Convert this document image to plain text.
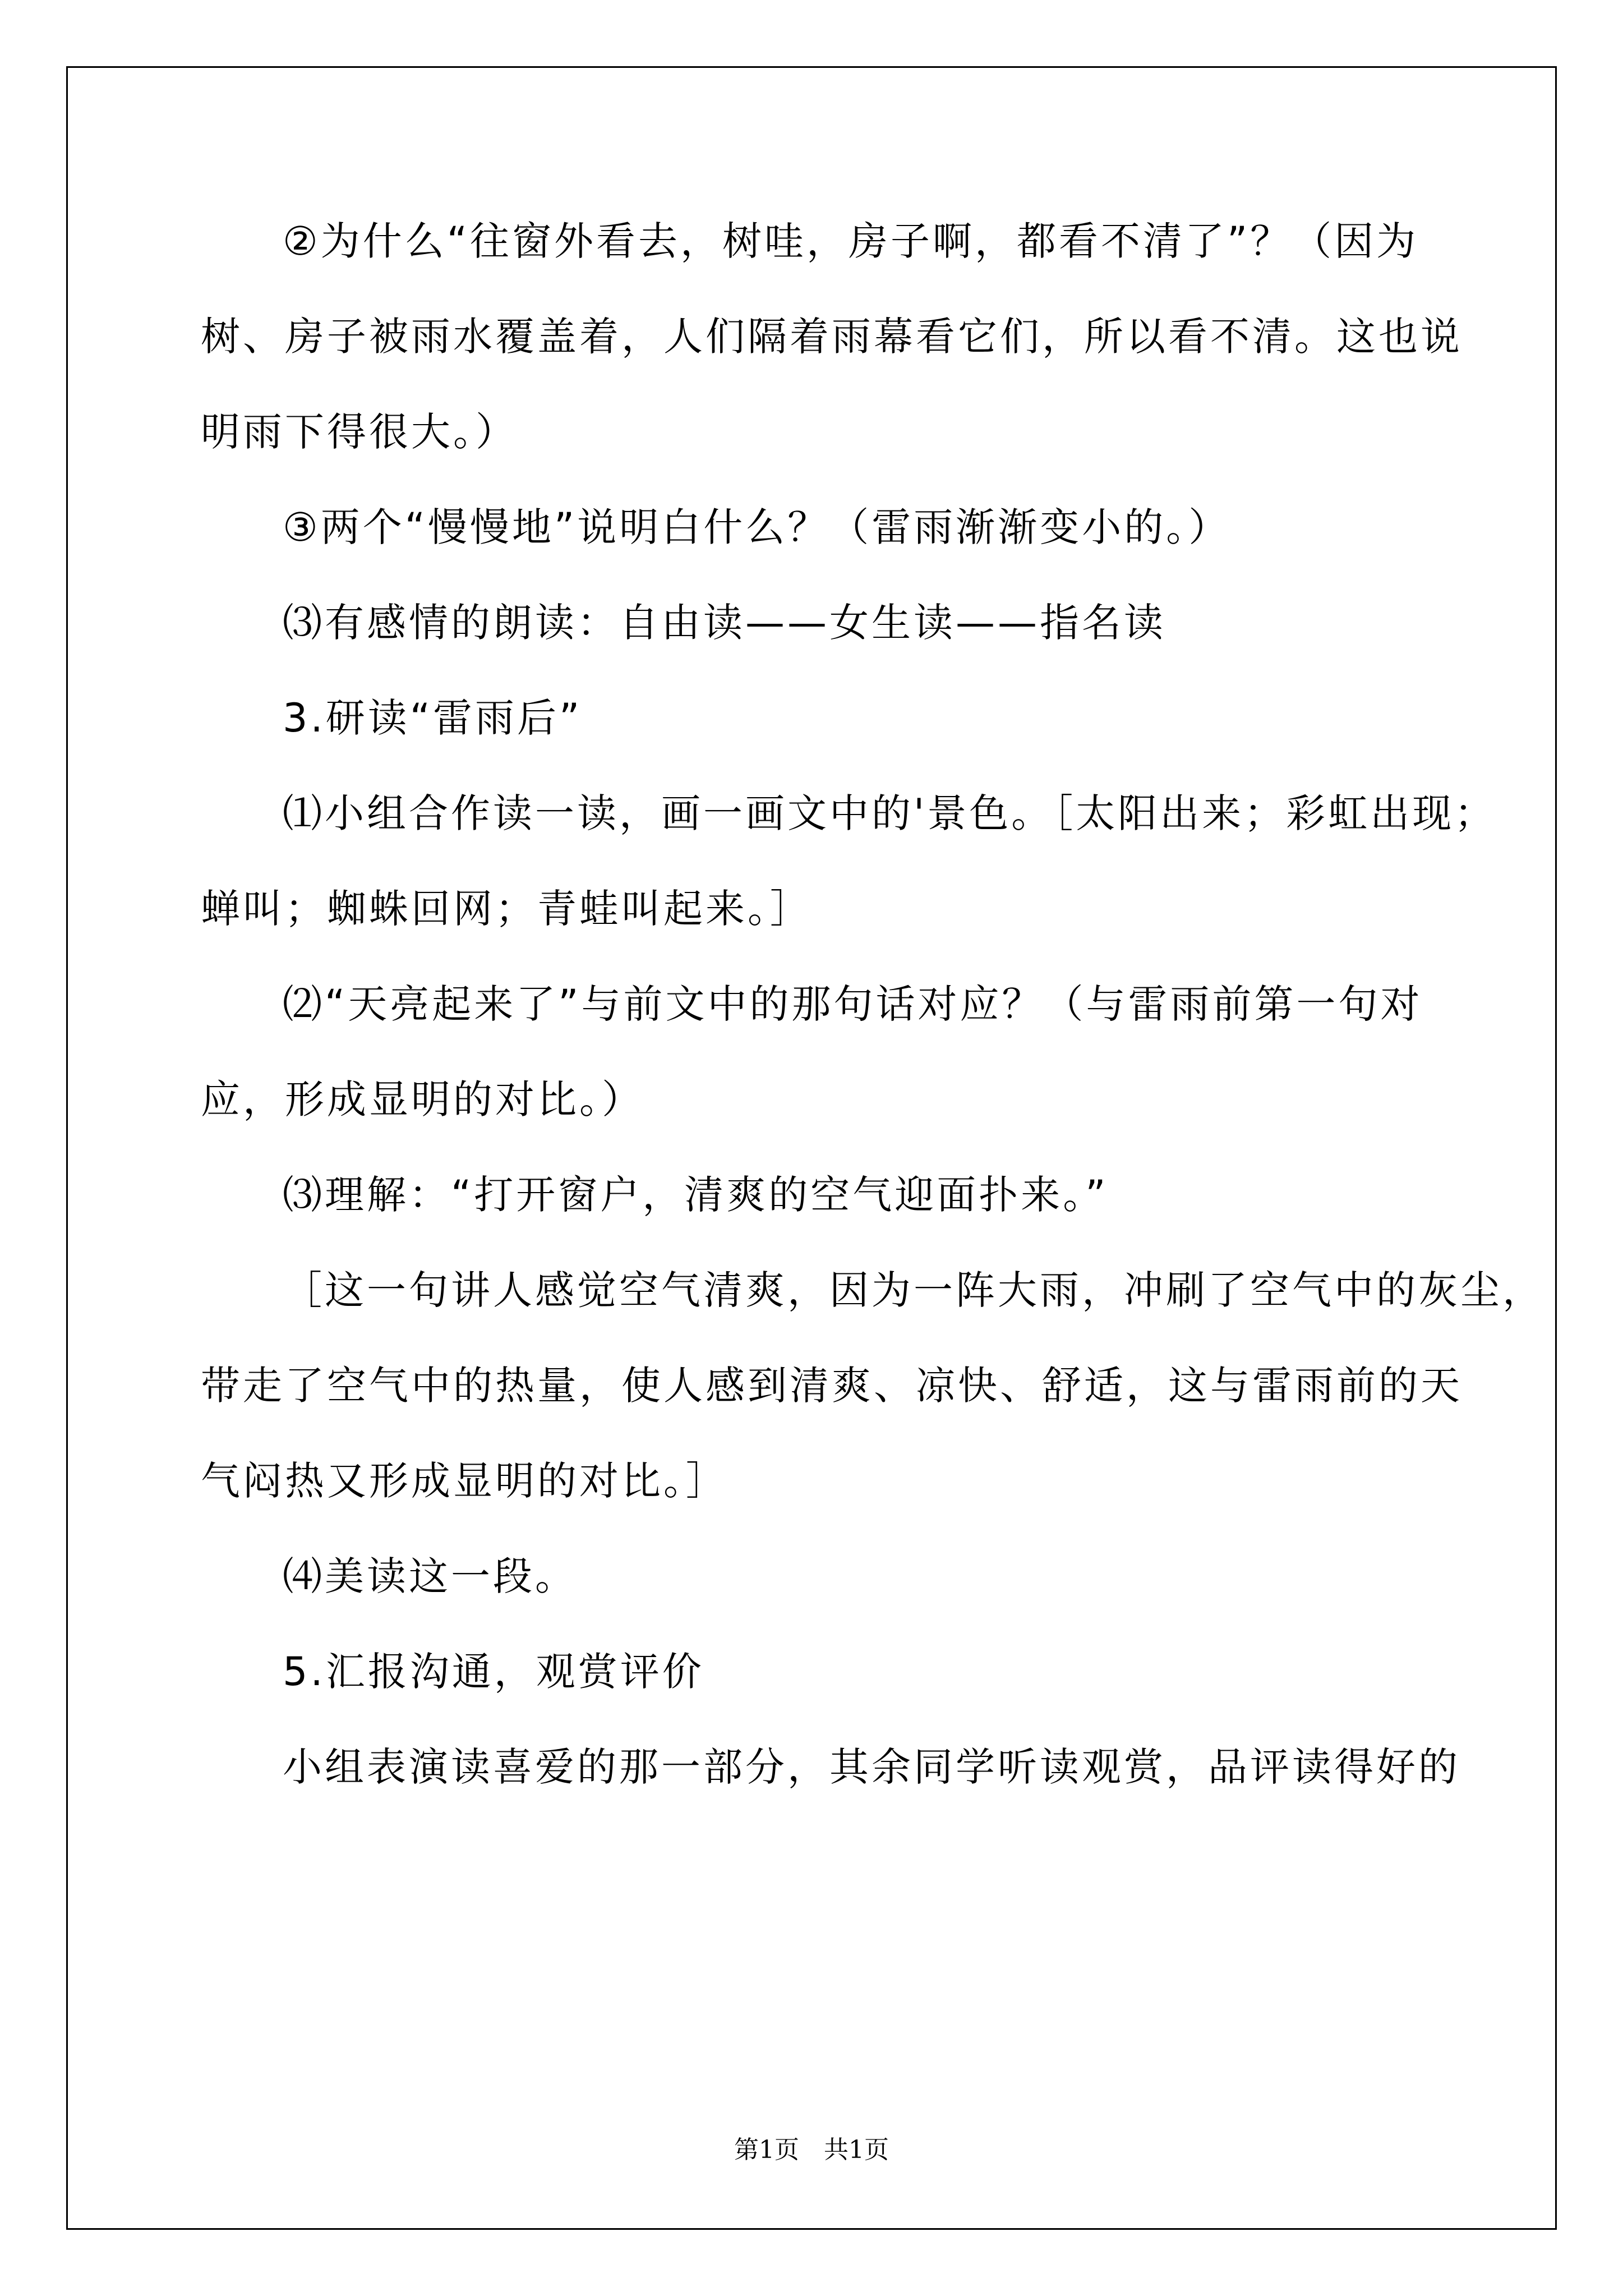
②为什么“往窗外看去，树哇，房子啊，都看不清了”？（因为
树、房子被雨水覆盖着，人们隔着雨幕看它们，所以看不清。这也说
明雨下得很大。）
③两个“慢慢地”说明白什么？（雷雨渐渐变小的。）
⑶有感情的朗读：自由读——女生读——指名读
3.研读“雷雨后”
⑴小组合作读一读，画一画文中的'景色。［太阳出来；彩虹出现；
蝉叫；蜘蛛回网；青蛙叫起来。］
⑵“天亮起来了”与前文中的那句话对应？（与雷雨前第一句对
应，形成显明的对比。）
⑶理解：“打开窗户，清爽的空气迎面扑来。”
［这一句讲人感觉空气清爽，因为一阵大雨，冲刷了空气中的灰尘，
带走了空气中的热量，使人感到清爽、凉快、舒适，这与雷雨前的天
气闷热又形成显明的对比。］
⑷美读这一段。
5.汇报沟通，观赏评价
小组表演读喜爱的那一部分，其余同学听读观赏，品评读得好的
第1页　共1页
